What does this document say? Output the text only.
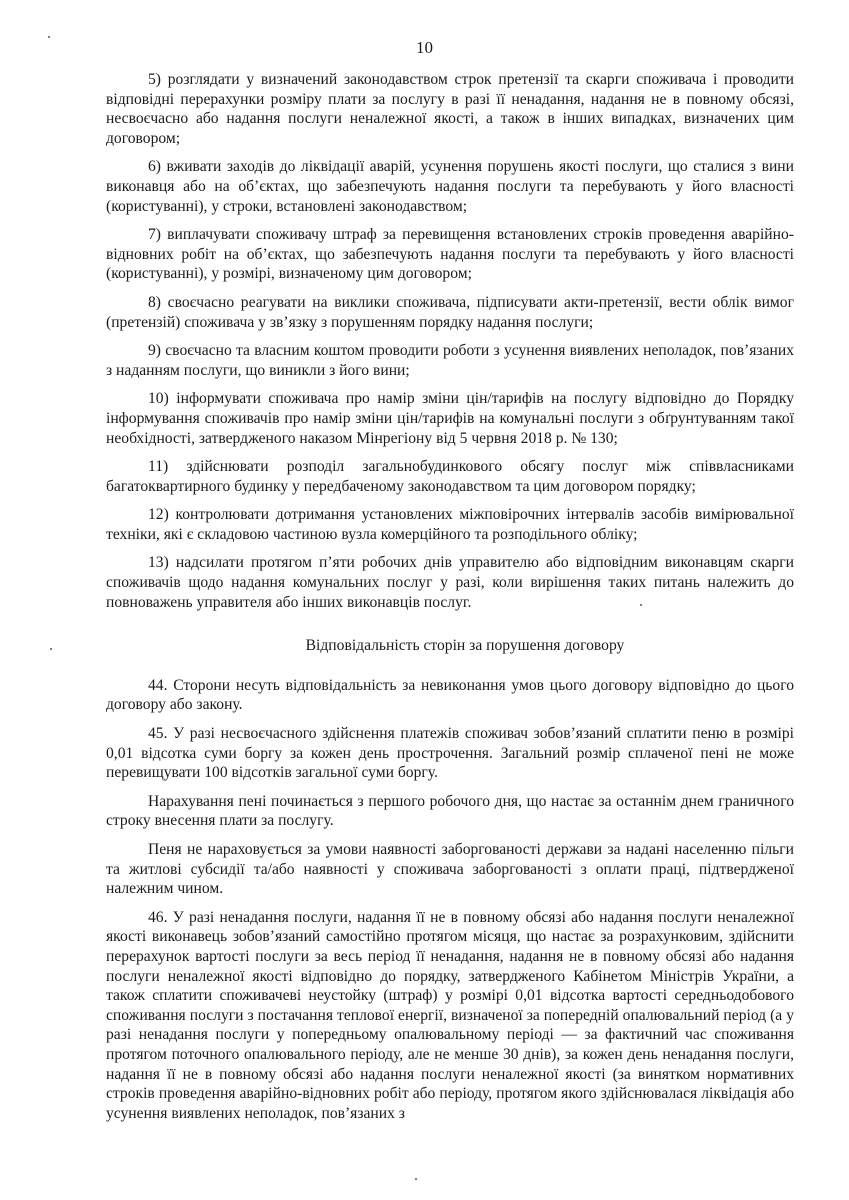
10

5) розглядати у визначений законодавством строк претензії та скарги споживача і проводити відповідні перерахунки розміру плати за послугу в разі її ненадання, надання не в повному обсязі, несвоєчасно або надання послуги неналежної якості, а також в інших випадках, визначених цим договором;

6) вживати заходів до ліквідації аварій, усунення порушень якості послуги, що сталися з вини виконавця або на об’єктах, що забезпечують надання послуги та перебувають у його власності (користуванні), у строки, встановлені законодавством;

7) виплачувати споживачу штраф за перевищення встановлених строків проведення аварійно-відновних робіт на об’єктах, що забезпечують надання послуги та перебувають у його власності (користуванні), у розмірі, визначеному цим договором;

8) своєчасно реагувати на виклики споживача, підписувати акти-претензії, вести облік вимог (претензій) споживача у зв’язку з порушенням порядку надання послуги;

9) своєчасно та власним коштом проводити роботи з усунення виявлених неполадок, пов’язаних з наданням послуги, що виникли з його вини;

10) інформувати споживача про намір зміни цін/тарифів на послугу відповідно до Порядку інформування споживачів про намір зміни цін/тарифів на комунальні послуги з обґрунтуванням такої необхідності, затвердженого наказом Мінрегіону від 5 червня 2018 р. № 130;

11) здійснювати розподіл загальнобудинкового обсягу послуг між співвласниками багатоквартирного будинку у передбаченому законодавством та цим договором порядку;

12) контролювати дотримання установлених міжповірочних інтервалів засобів вимірювальної техніки, які є складовою частиною вузла комерційного та розподільного обліку;

13) надсилати протягом п’яти робочих днів управителю або відповідним виконавцям скарги споживачів щодо надання комунальних послуг у разі, коли вирішення таких питань належить до повноважень управителя або інших виконавців послуг.

Відповідальність сторін за порушення договору

44. Сторони несуть відповідальність за невиконання умов цього договору відповідно до цього договору або закону.

45. У разі несвоєчасного здійснення платежів споживач зобов’язаний сплатити пеню в розмірі 0,01 відсотка суми боргу за кожен день прострочення. Загальний розмір сплаченої пені не може перевищувати 100 відсотків загальної суми боргу.

Нарахування пені починається з першого робочого дня, що настає за останнім днем граничного строку внесення плати за послугу.

Пеня не нараховується за умови наявності заборгованості держави за надані населенню пільги та житлові субсидії та/або наявності у споживача заборгованості з оплати праці, підтвердженої належним чином.

46. У разі ненадання послуги, надання її не в повному обсязі або надання послуги неналежної якості виконавець зобов’язаний самостійно протягом місяця, що настає за розрахунковим, здійснити перерахунок вартості послуги за весь період її ненадання, надання не в повному обсязі або надання послуги неналежної якості відповідно до порядку, затвердженого Кабінетом Міністрів України, а також сплатити споживачеві неустойку (штраф) у розмірі 0,01 відсотка вартості середньодобового споживання послуги з постачання теплової енергії, визначеної за попередній опалювальний період (а у разі ненадання послуги у попередньому опалювальному періоді — за фактичний час споживання протягом поточного опалювального періоду, але не менше 30 днів), за кожен день ненадання послуги, надання її не в повному обсязі або надання послуги неналежної якості (за винятком нормативних строків проведення аварійно-відновних робіт або періоду, протягом якого здійснювалася ліквідація або усунення виявлених неполадок, пов’язаних з
